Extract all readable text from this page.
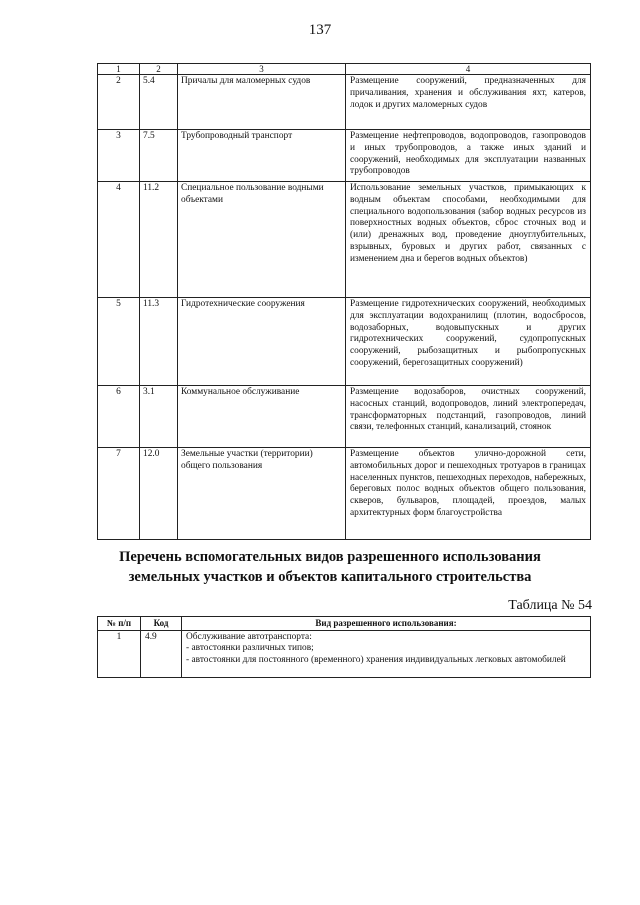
137
1	2	3	4
2	5.4	Причалы для маломерных судов	Размещение сооружений, предназначенных для причаливания, хранения и обслуживания яхт, катеров, лодок и других маломерных судов
3	7.5	Трубопроводный транспорт	Размещение нефтепроводов, водопроводов, газопроводов и иных трубопроводов, а также иных зданий и сооружений, необходимых для эксплуатации названных трубопроводов
4	11.2	Специальное пользование водными объектами	Использование земельных участков, примыкающих к водным объектам способами, необходимыми для специального водопользования (забор водных ресурсов из поверхностных водных объектов, сброс сточных вод и (или) дренажных вод, проведение дноуглубительных, взрывных, буровых и других работ, связанных с изменением дна и берегов водных объектов)
5	11.3	Гидротехнические сооружения	Размещение гидротехнических сооружений, необходимых для эксплуатации водохранилищ (плотин, водосбросов, водозаборных, водовыпускных и других гидротехнических сооружений, судопропускных сооружений, рыбозащитных и рыбопропускных сооружений, берегозащитных сооружений)
6	3.1	Коммунальное обслуживание	Размещение водозаборов, очистных сооружений, насосных станций, водопроводов, линий электропередач, трансформаторных подстанций, газопроводов, линий связи, телефонных станций, канализаций, стоянок
7	12.0	Земельные участки (территории) общего пользования	Размещение объектов улично-дорожной сети, автомобильных дорог и пешеходных тротуаров в границах населенных пунктов, пешеходных переходов, набережных, береговых полос водных объектов общего пользования, скверов, бульваров, площадей, проездов, малых архитектурных форм благоустройства
Перечень вспомогательных видов разрешенного использования
земельных участков и объектов капитального строительства
Таблица № 54
№ п/п	Код	Вид разрешенного использования:
1	4.9	Обслуживание автотранспорта:
- автостоянки различных типов;
- автостоянки для постоянного (временного) хранения индивидуальных легковых автомобилей
